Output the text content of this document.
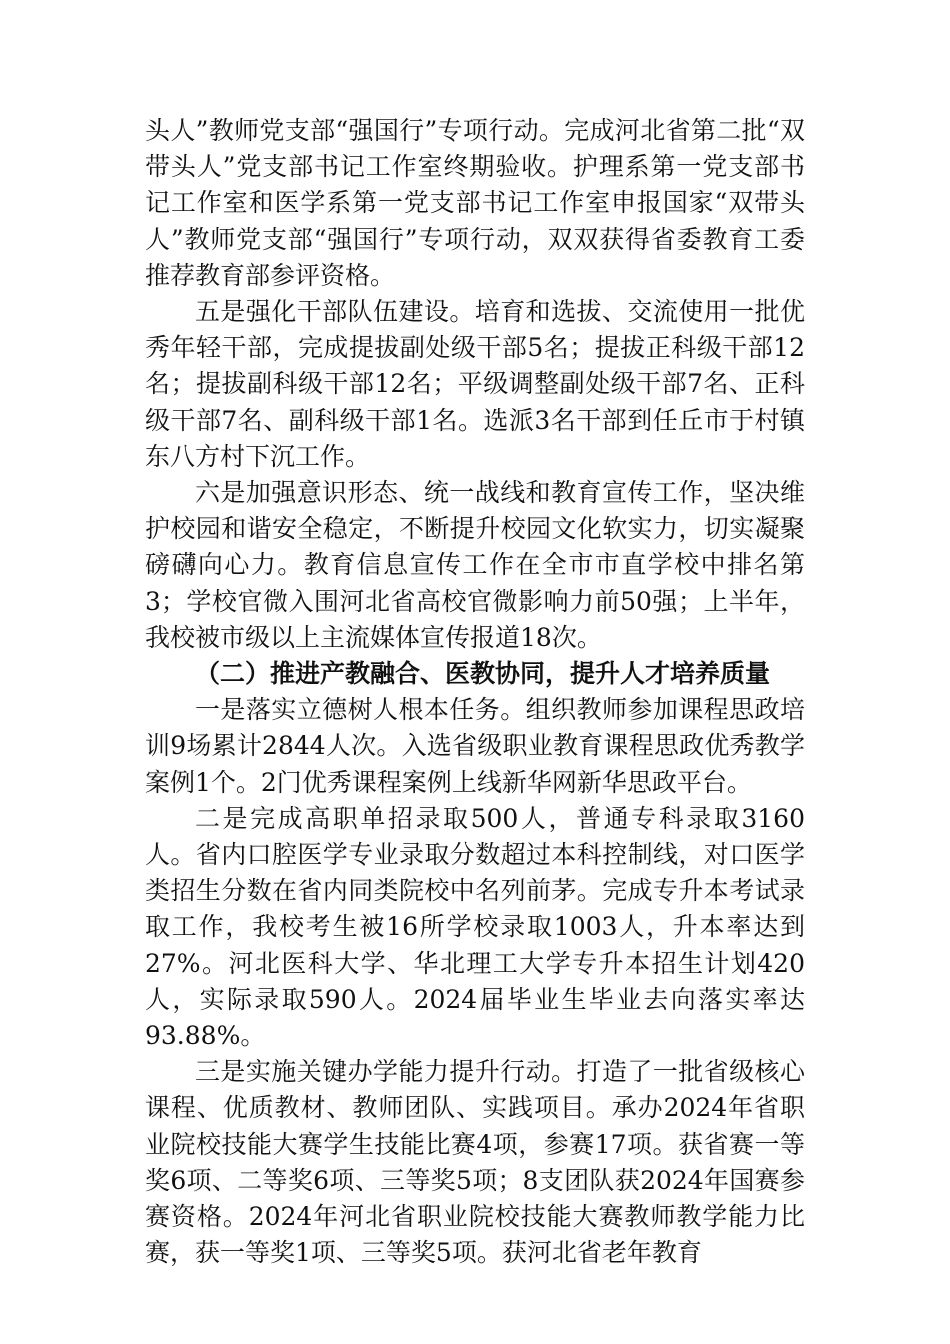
头人”教师党支部“强国行”专项行动。完成河北省第二批“双带头人”党支部书记工作室终期验收。护理系第一党支部书记工作室和医学系第一党支部书记工作室申报国家“双带头人”教师党支部“强国行”专项行动，双双获得省委教育工委推荐教育部参评资格。

五是强化干部队伍建设。培育和选拔、交流使用一批优秀年轻干部，完成提拔副处级干部5名；提拔正科级干部12名；提拔副科级干部12名；平级调整副处级干部7名、正科级干部7名、副科级干部1名。选派3名干部到任丘市于村镇东八方村下沉工作。

六是加强意识形态、统一战线和教育宣传工作，坚决维护校园和谐安全稳定，不断提升校园文化软实力，切实凝聚磅礴向心力。教育信息宣传工作在全市市直学校中排名第3；学校官微入围河北省高校官微影响力前50强；上半年，我校被市级以上主流媒体宣传报道18次。

（二）推进产教融合、医教协同，提升人才培养质量

一是落实立德树人根本任务。组织教师参加课程思政培训9场累计2844人次。入选省级职业教育课程思政优秀教学案例1个。2门优秀课程案例上线新华网新华思政平台。

二是完成高职单招录取500人，普通专科录取3160人。省内口腔医学专业录取分数超过本科控制线，对口医学类招生分数在省内同类院校中名列前茅。完成专升本考试录取工作，我校考生被16所学校录取1003人，升本率达到27%。河北医科大学、华北理工大学专升本招生计划420人，实际录取590人。2024届毕业生毕业去向落实率达93.88%。

三是实施关键办学能力提升行动。打造了一批省级核心课程、优质教材、教师团队、实践项目。承办2024年省职业院校技能大赛学生技能比赛4项，参赛17项。获省赛一等奖6项、二等奖6项、三等奖5项；8支团队获2024年国赛参赛资格。2024年河北省职业院校技能大赛教师教学能力比赛，获一等奖1项、三等奖5项。获河北省老年教育
